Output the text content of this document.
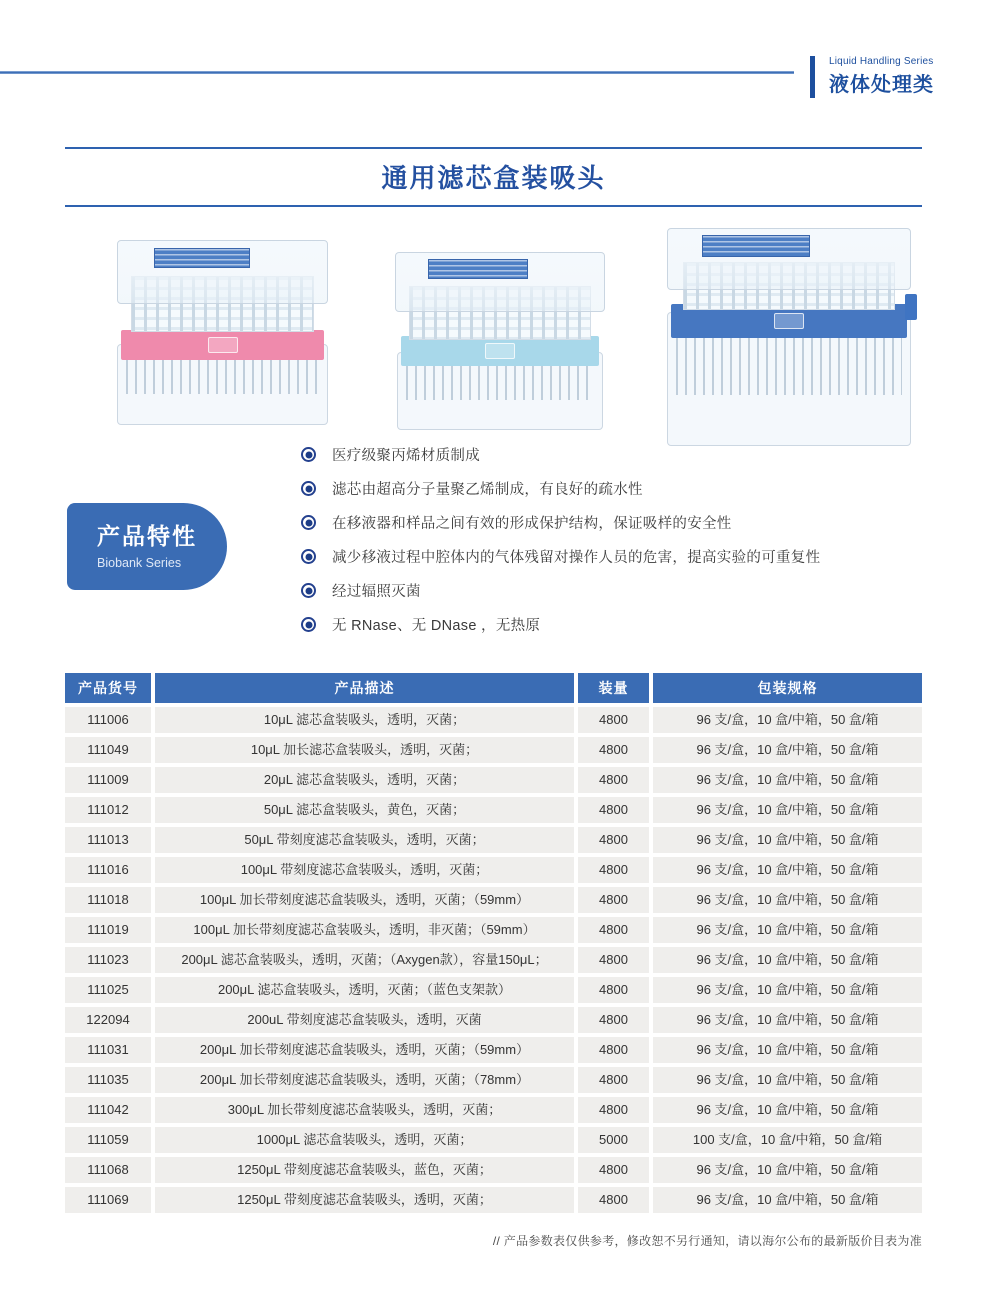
Liquid Handling Series
液体处理类
通用滤芯盒装吸头
产品特性
Biobank Series
医疗级聚丙烯材质制成
滤芯由超高分子量聚乙烯制成，有良好的疏水性
在移液器和样品之间有效的形成保护结构，保证吸样的安全性
减少移液过程中腔体内的气体残留对操作人员的危害，提高实验的可重复性
经过辐照灭菌
无 RNase、无 DNase ，无热原
产品货号	产品描述	装量	包装规格
111006	10μL 滤芯盒装吸头，透明，灭菌；	4800	96 支/盒，10 盒/中箱，50 盒/箱
111049	10μL 加长滤芯盒装吸头，透明，灭菌；	4800	96 支/盒，10 盒/中箱，50 盒/箱
111009	20μL 滤芯盒装吸头，透明，灭菌；	4800	96 支/盒，10 盒/中箱，50 盒/箱
111012	50μL 滤芯盒装吸头，黄色，灭菌；	4800	96 支/盒，10 盒/中箱，50 盒/箱
111013	50μL 带刻度滤芯盒装吸头，透明，灭菌；	4800	96 支/盒，10 盒/中箱，50 盒/箱
111016	100μL 带刻度滤芯盒装吸头，透明，灭菌；	4800	96 支/盒，10 盒/中箱，50 盒/箱
111018	100μL 加长带刻度滤芯盒装吸头，透明，灭菌；（59mm）	4800	96 支/盒，10 盒/中箱，50 盒/箱
111019	100μL 加长带刻度滤芯盒装吸头，透明，非灭菌；（59mm）	4800	96 支/盒，10 盒/中箱，50 盒/箱
111023	200μL 滤芯盒装吸头，透明，灭菌；（Axygen款），容量150μL；	4800	96 支/盒，10 盒/中箱，50 盒/箱
111025	200μL 滤芯盒装吸头，透明，灭菌；（蓝色支架款）	4800	96 支/盒，10 盒/中箱，50 盒/箱
122094	200uL 带刻度滤芯盒装吸头，透明，灭菌	4800	96 支/盒，10 盒/中箱，50 盒/箱
111031	200μL 加长带刻度滤芯盒装吸头，透明，灭菌；（59mm）	4800	96 支/盒，10 盒/中箱，50 盒/箱
111035	200μL 加长带刻度滤芯盒装吸头，透明，灭菌；（78mm）	4800	96 支/盒，10 盒/中箱，50 盒/箱
111042	300μL 加长带刻度滤芯盒装吸头，透明，灭菌；	4800	96 支/盒，10 盒/中箱，50 盒/箱
111059	1000μL 滤芯盒装吸头，透明，灭菌；	5000	100 支/盒，10 盒/中箱，50 盒/箱
111068	1250μL 带刻度滤芯盒装吸头，蓝色，灭菌；	4800	96 支/盒，10 盒/中箱，50 盒/箱
111069	1250μL 带刻度滤芯盒装吸头，透明，灭菌；	4800	96 支/盒，10 盒/中箱，50 盒/箱
// 产品参数表仅供参考，修改恕不另行通知，请以海尔公布的最新版价目表为准
